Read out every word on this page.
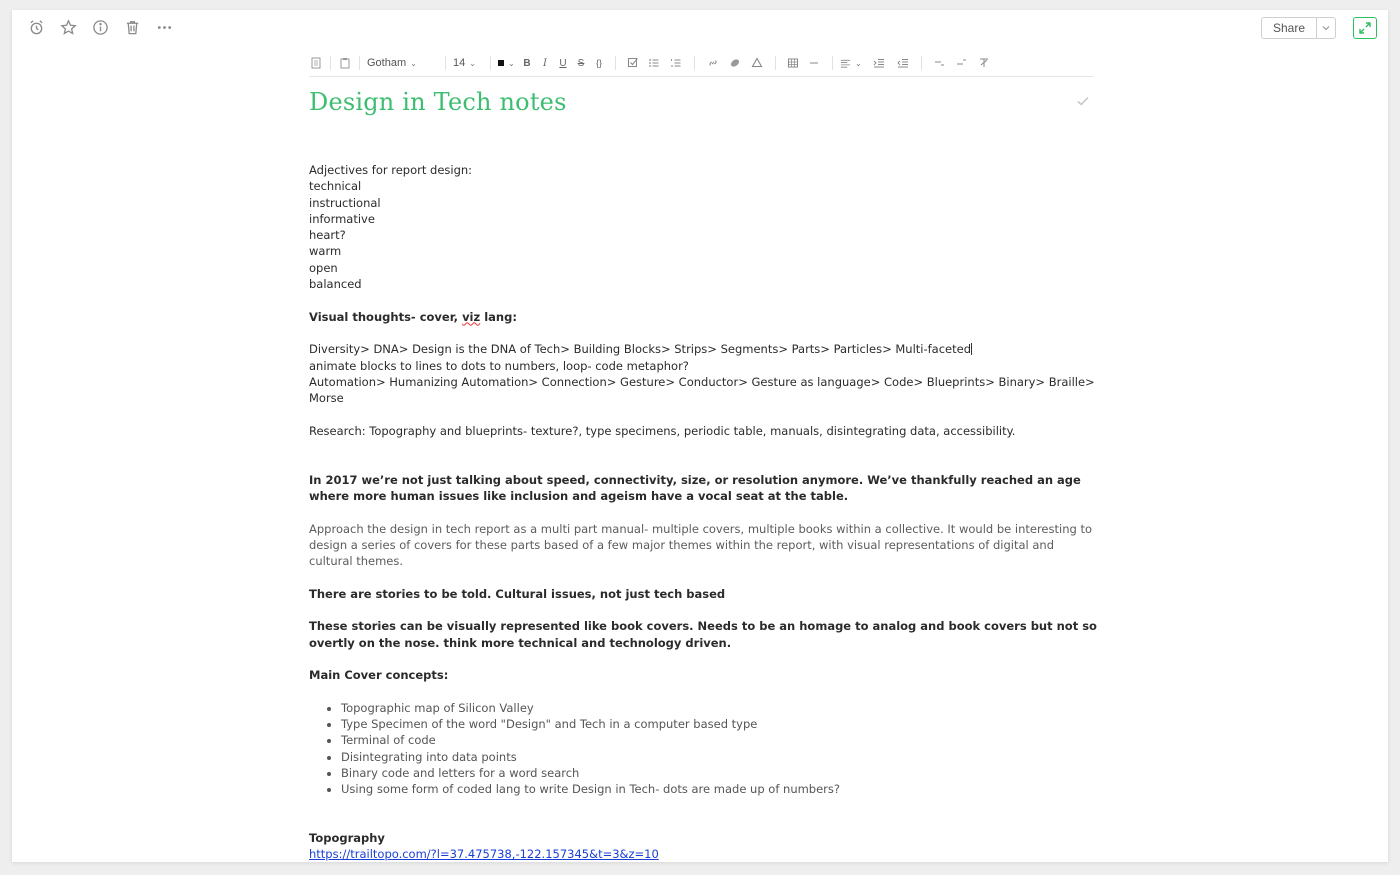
Share
Gotham ⌄	14 ⌄	⌄ B	I	U	S	{}	⌄
Design in Tech notes

Adjectives for report design:

technical

instructional

informative

heart?

warm

open

balanced

Visual thoughts- cover, viz lang:

Diversity> DNA> Design is the DNA of Tech> Building Blocks> Strips> Segments> Parts> Particles> Multi-faceted

animate blocks to lines to dots to numbers, loop- code metaphor?

Automation> Humanizing Automation> Connection> Gesture> Conductor> Gesture as language> Code> Blueprints> Binary> Braille> Morse

Research: Topography and blueprints- texture?, type specimens, periodic table, manuals, disintegrating data, accessibility.

In 2017 we’re not just talking about speed, connectivity, size, or resolution anymore. We’ve thankfully reached an age where more human issues like inclusion and ageism have a vocal seat at the table.

Approach the design in tech report as a multi part manual- multiple covers, multiple books within a collective. It would be interesting to design a series of covers for these parts based of a few major themes within the report, with visual representations of digital and cultural themes.

There are stories to be told. Cultural issues, not just tech based

These stories can be visually represented like book covers. Needs to be an homage to analog and book covers but not so overtly on the nose. think more technical and technology driven.

Main Cover concepts:

• Topographic map of Silicon Valley
• Type Specimen of the word "Design" and Tech in a computer based type
• Terminal of code
• Disintegrating into data points
• Binary code and letters for a word search
• Using some form of coded lang to write Design in Tech- dots are made up of numbers?

Topography

https://trailtopo.com/?l=37.475738,-122.157345&t=3&z=10
